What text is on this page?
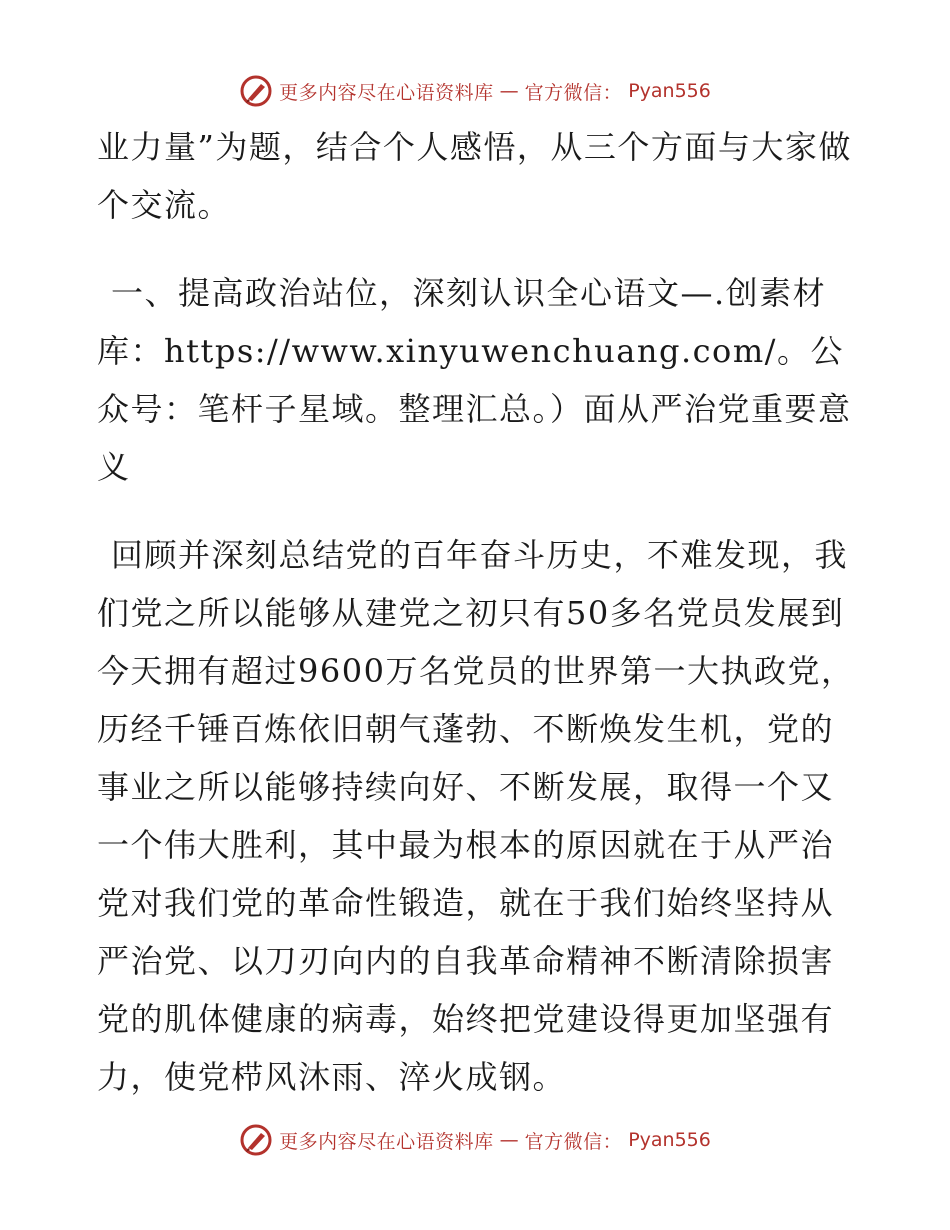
更多内容尽在心语资料库 — 官方微信： Pyan556

业力量”为题，结合个人感悟，从三个方面与大家做个交流。

一、提高政治站位，深刻认识全心语文—.创素材库：https://www.xinyuwenchuang.com/。公众号：笔杆子星域。整理汇总。）面从严治党重要意义

回顾并深刻总结党的百年奋斗历史，不难发现，我们党之所以能够从建党之初只有50多名党员发展到今天拥有超过9600万名党员的世界第一大执政党，历经千锤百炼依旧朝气蓬勃、不断焕发生机，党的事业之所以能够持续向好、不断发展，取得一个又一个伟大胜利，其中最为根本的原因就在于从严治党对我们党的革命性锻造，就在于我们始终坚持从严治党、以刀刃向内的自我革命精神不断清除损害党的肌体健康的病毒，始终把党建设得更加坚强有力，使党栉风沐雨、淬火成钢。

更多内容尽在心语资料库 — 官方微信： Pyan556
